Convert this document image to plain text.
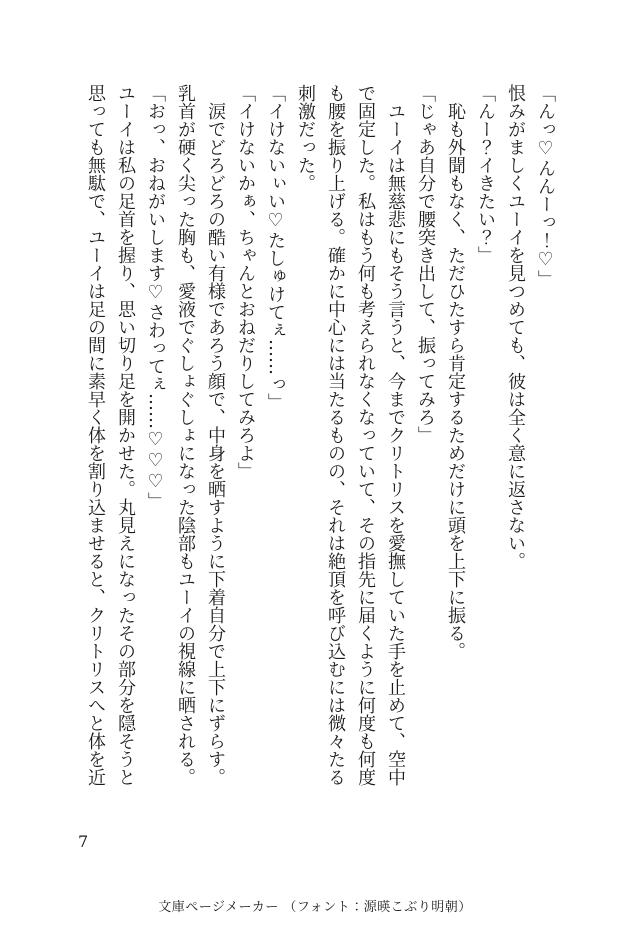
「んっ♡んんーっ！♡」

恨みがましくユーイを見つめても、彼は全く意に返さない。

「んー？イきたい？」

恥も外聞もなく、ただひたすら肯定するためだけに頭を上下に振る。

「じゃあ自分で腰突き出して、振ってみろ」

ユーイは無慈悲にもそう言うと、今までクリトリスを愛撫していた手を止めて、空中で固定した。私はもう何も考えられなくなっていて、その指先に届くように何度も何度も腰を振り上げる。確かに中心には当たるものの、それは絶頂を呼び込むには微々たる刺激だった。

「イけないぃい♡たしゅけてぇ……っ」

「イけないかぁ、ちゃんとおねだりしてみろよ」

涙でどろどろの酷い有様であろう顔で、中身を晒すように下着自分で上下にずらす。乳首が硬く尖った胸も、愛液でぐしょぐしょになった陰部もユーイの視線に晒される。

「おっ、おねがいします♡さわってぇ……♡♡♡」

ユーイは私の足首を握り、思い切り足を開かせた。丸見えになったその部分を隠そうと思っても無駄で、ユーイは足の間に素早く体を割り込ませると、クリトリスへと体を近

7
文庫ページメーカー （フォント：源暎こぶり明朝）
